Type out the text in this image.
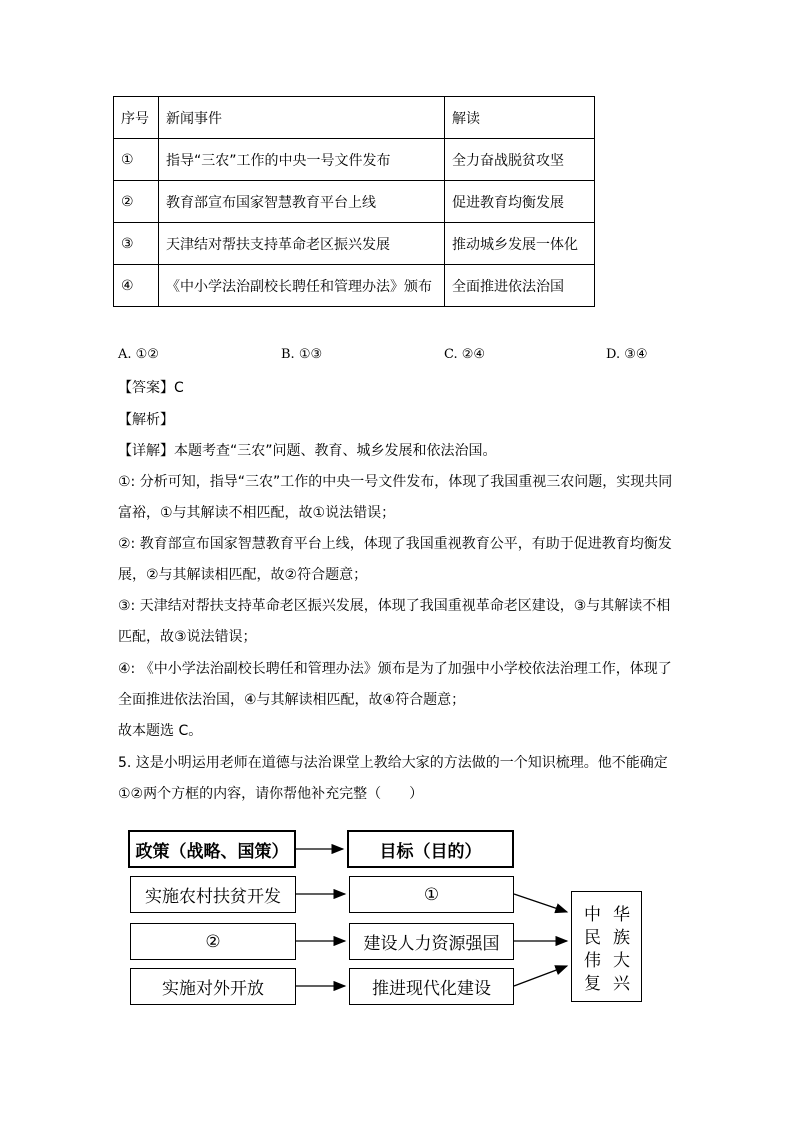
序号	新闻事件	解读
①	指导“三农”工作的中央一号文件发布	全力奋战脱贫攻坚
②	教育部宣布国家智慧教育平台上线	促进教育均衡发展
③	天津结对帮扶支持革命老区振兴发展	推动城乡发展一体化
④	《中小学法治副校长聘任和管理办法》颁布	全面推进依法治国
A. ①②	B. ①③	C. ②④	D. ③④
【答案】C
【解析】
【详解】本题考查“三农”问题、教育、城乡发展和依法治国。
①: 分析可知，指导“三农”工作的中央一号文件发布，体现了我国重视三农问题，实现共同
富裕，①与其解读不相匹配，故①说法错误；
②: 教育部宣布国家智慧教育平台上线，体现了我国重视教育公平，有助于促进教育均衡发
展，②与其解读相匹配，故②符合题意；
③: 天津结对帮扶支持革命老区振兴发展，体现了我国重视革命老区建设，③与其解读不相
匹配，故③说法错误；
④: 《中小学法治副校长聘任和管理办法》颁布是为了加强中小学校依法治理工作，体现了
全面推进依法治国，④与其解读相匹配，故④符合题意；
故本题选 C。
5. 这是小明运用老师在道德与法治课堂上教给大家的方法做的一个知识梳理。他不能确定
①②两个方框的内容，请你帮他补充完整（　　）
政策（战略、国策）	目标（目的）
实施农村扶贫开发
②
实施对外开放
①
建设人力资源强国
推进现代化建设
中 华
民 族
伟 大
复 兴
